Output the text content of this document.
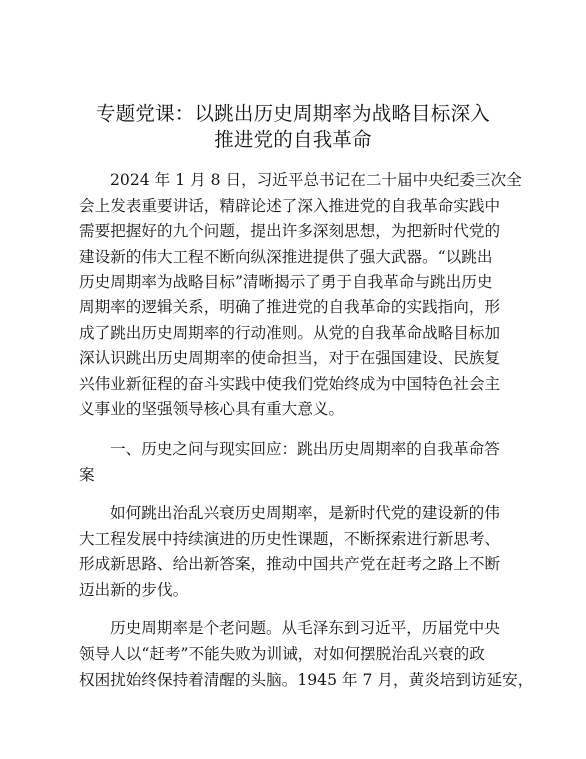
专题党课：以跳出历史周期率为战略目标深入
推进党的自我革命

2024 年 1 月 8 日，习近平总书记在二十届中央纪委三次全

会上发表重要讲话，精辟论述了深入推进党的自我革命实践中

需要把握好的九个问题，提出许多深刻思想，为把新时代党的

建设新的伟大工程不断向纵深推进提供了强大武器。“以跳出

历史周期率为战略目标”清晰揭示了勇于自我革命与跳出历史

周期率的逻辑关系，明确了推进党的自我革命的实践指向，形

成了跳出历史周期率的行动准则。从党的自我革命战略目标加

深认识跳出历史周期率的使命担当，对于在强国建设、民族复

兴伟业新征程的奋斗实践中使我们党始终成为中国特色社会主

义事业的坚强领导核心具有重大意义。

一、历史之问与现实回应：跳出历史周期率的自我革命答

案

如何跳出治乱兴衰历史周期率，是新时代党的建设新的伟

大工程发展中持续演进的历史性课题，不断探索进行新思考、

形成新思路、给出新答案，推动中国共产党在赶考之路上不断

迈出新的步伐。

历史周期率是个老问题。从毛泽东到习近平，历届党中央

领导人以“赶考”不能失败为训诫，对如何摆脱治乱兴衰的政

权困扰始终保持着清醒的头脑。1945 年 7 月，黄炎培到访延安，
